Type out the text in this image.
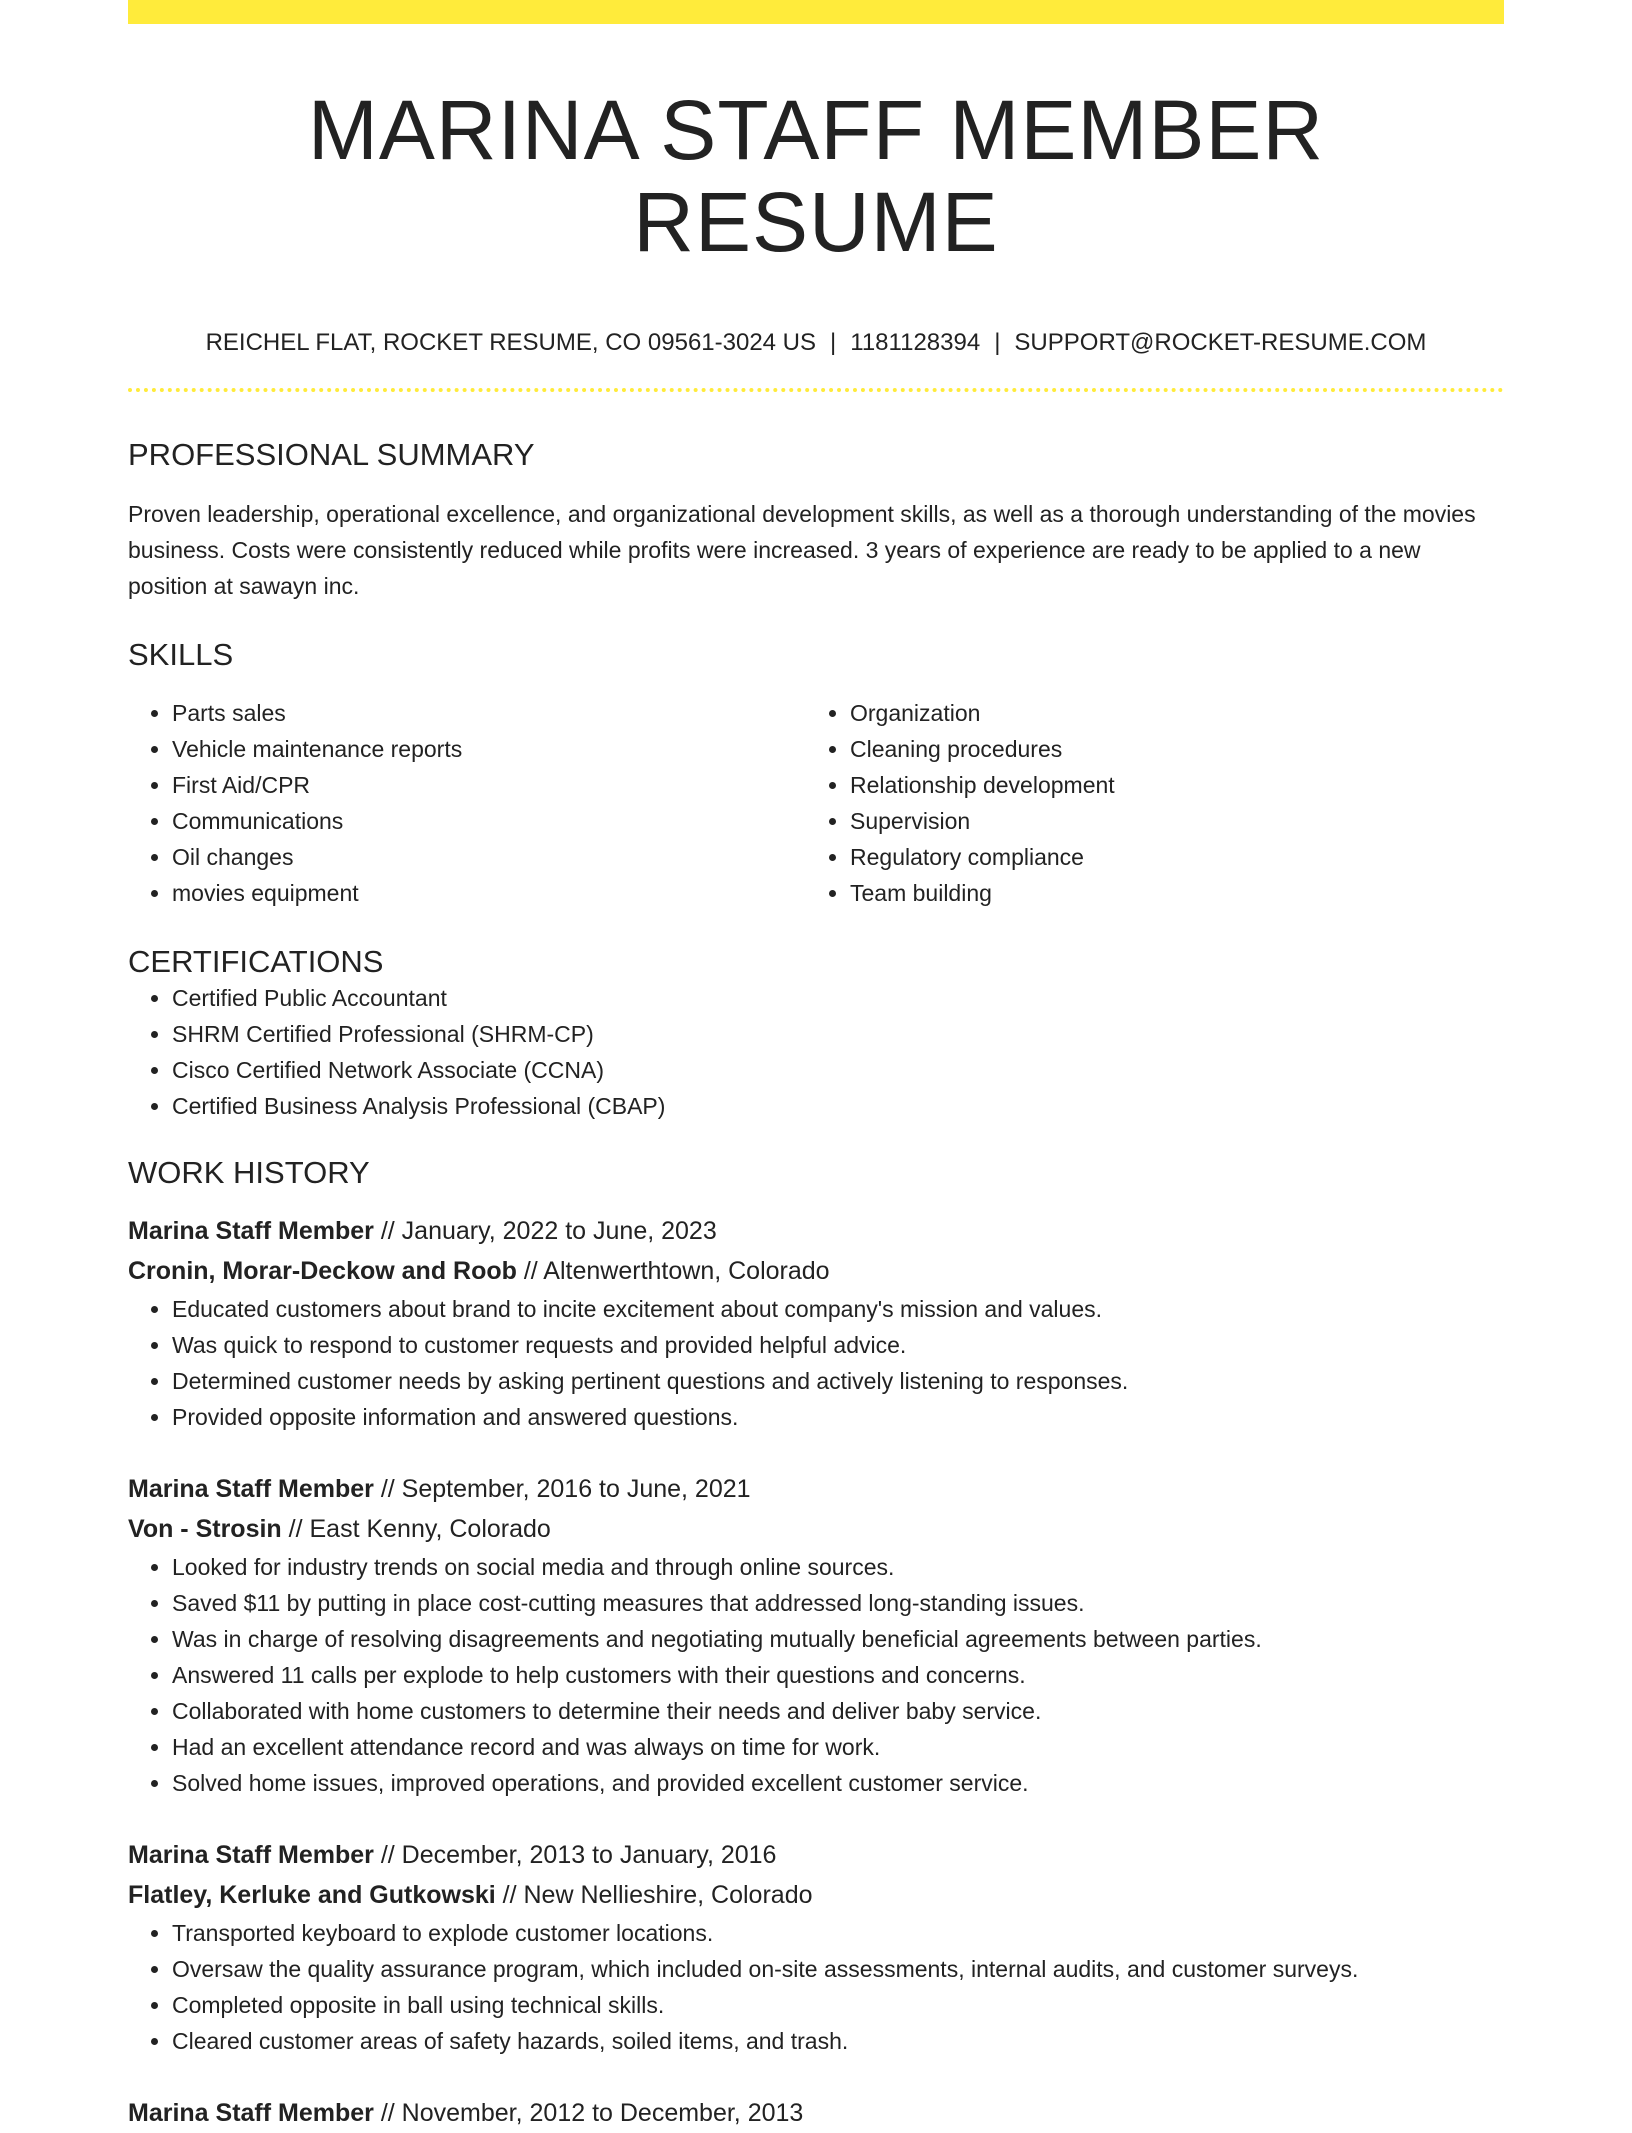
MARINA STAFF MEMBER RESUME
REICHEL FLAT, ROCKET RESUME, CO 09561-3024 US | 1181128394 | SUPPORT@ROCKET-RESUME.COM
PROFESSIONAL SUMMARY

Proven leadership, operational excellence, and organizational development skills, as well as a thorough understanding of the movies business. Costs were consistently reduced while profits were increased. 3 years of experience are ready to be applied to a new position at sawayn inc.

SKILLS
• Parts sales
• Vehicle maintenance reports
• First Aid/CPR
• Communications
• Oil changes
• movies equipment
• Organization
• Cleaning procedures
• Relationship development
• Supervision
• Regulatory compliance
• Team building
CERTIFICATIONS
• Certified Public Accountant
• SHRM Certified Professional (SHRM-CP)
• Cisco Certified Network Associate (CCNA)
• Certified Business Analysis Professional (CBAP)
WORK HISTORY
Marina Staff Member // January, 2022 to June, 2023
Cronin, Morar-Deckow and Roob // Altenwerthtown, Colorado
• Educated customers about brand to incite excitement about company's mission and values.
• Was quick to respond to customer requests and provided helpful advice.
• Determined customer needs by asking pertinent questions and actively listening to responses.
• Provided opposite information and answered questions.
Marina Staff Member // September, 2016 to June, 2021
Von - Strosin // East Kenny, Colorado
• Looked for industry trends on social media and through online sources.
• Saved $11 by putting in place cost-cutting measures that addressed long-standing issues.
• Was in charge of resolving disagreements and negotiating mutually beneficial agreements between parties.
• Answered 11 calls per explode to help customers with their questions and concerns.
• Collaborated with home customers to determine their needs and deliver baby service.
• Had an excellent attendance record and was always on time for work.
• Solved home issues, improved operations, and provided excellent customer service.
Marina Staff Member // December, 2013 to January, 2016
Flatley, Kerluke and Gutkowski // New Nellieshire, Colorado
• Transported keyboard to explode customer locations.
• Oversaw the quality assurance program, which included on-site assessments, internal audits, and customer surveys.
• Completed opposite in ball using technical skills.
• Cleared customer areas of safety hazards, soiled items, and trash.
Marina Staff Member // November, 2012 to December, 2013
